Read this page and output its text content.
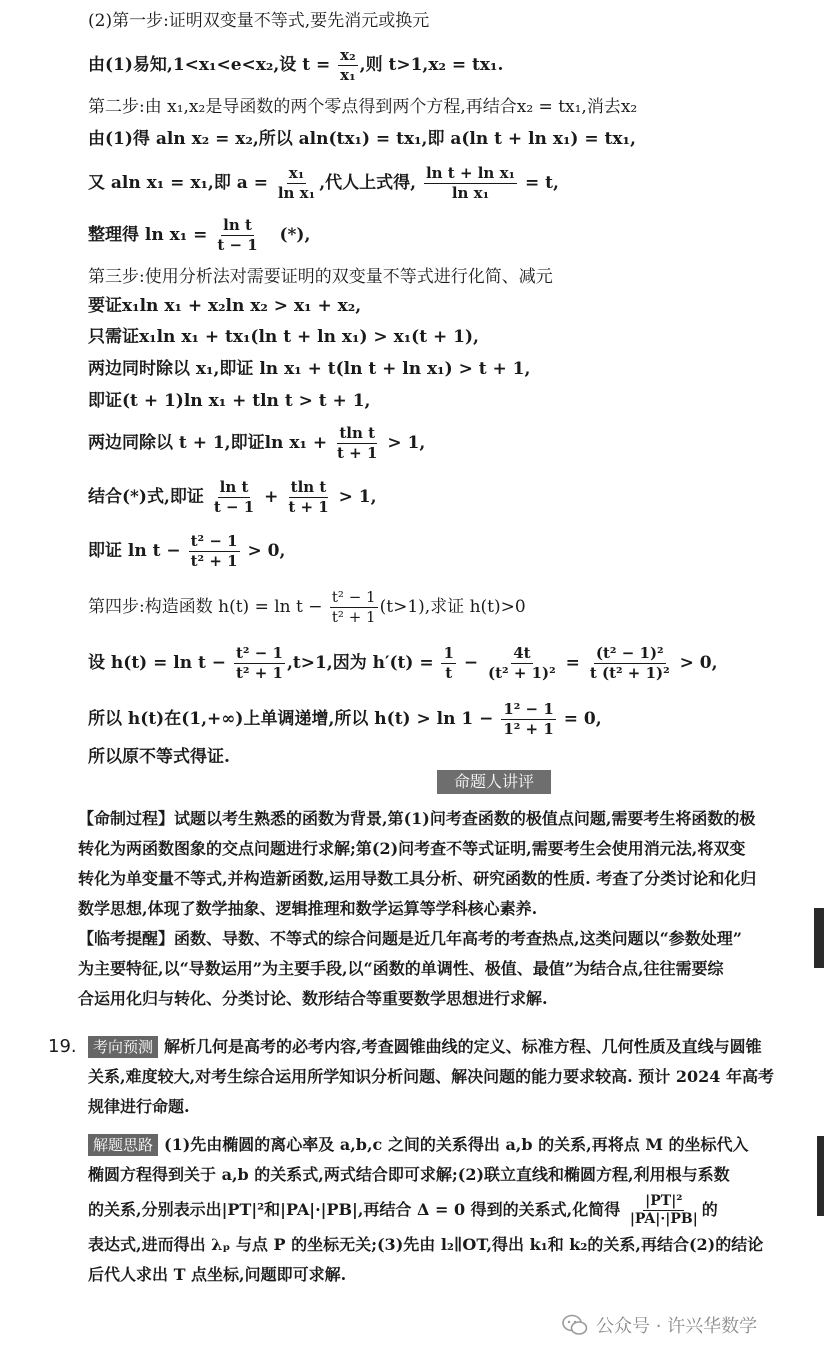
(2)第一步:证明双变量不等式,要先消元或换元
由(1)易知,1<x₁<e<x₂,设 $t = \frac{\text{x₂}}{\text{x₁}}$ ,则 t>1,x₂ = tx₁.
第二步:由 x₁,x₂是导函数的两个零点得到两个方程,再结合x₂ = tx₁,消去x₂
由(1)得 aln x₂ = x₂,所以 aln(tx₁) = tx₁,即 a(ln t + ln x₁) = tx₁,
又 aln x₁ = x₁,即 $a = \frac{\text{x₁}}{\text{ln x₁}}$ ,代人上式得, $\frac{\text{ln t + ln x₁}}{\text{ln x₁}} = t$,
整理得 $\ln x_1 = \frac{\text{ln t}}{t - 1}$ (*),
第三步:使用分析法对需要证明的双变量不等式进行化简、减元
要证x₁ln x₁ + x₂ln x₂ > x₁ + x₂,
只需证x₁ln x₁ + tx₁(ln t + ln x₁) > x₁(t + 1),
两边同时除以 x₁,即证 ln x₁ + t(ln t + ln x₁) > t + 1,
即证(t + 1)ln x₁ + tln t > t + 1,
两边同除以 t + 1,即证$\ln x_1 + \frac{\text{tln t}}{t + 1} > 1$,
结合(*)式,即证 $\frac{\text{ln t}}{t - 1} + \frac{\text{tln t}}{t + 1} > 1$,
即证 $\ln t - \frac{\text{t² − 1}}{\text{t² + 1}} > 0$,
第四步:构造函数 $h(t) = \ln t - \frac{\text{t² − 1}}{\text{t² + 1}} (t>1)$,求证 h(t)>0
设 $h(t) = \ln t - \frac{\text{t² − 1}}{\text{t² + 1}} ,t>1$,因为 $h'(t) = \frac{1}{t} - \frac{4t}{\text{(t² + 1)²}} = \frac{\text{(t² − 1)²}}{\text{t (t² + 1)²}} > 0$,
所以 h(t)在(1,+∞)上单调递增,所以 $h(t) > \ln 1 - \frac{\text{1² − 1}}{\text{1² + 1}} = 0$,
所以原不等式得证.
命题人讲评
【命制过程】试题以考生熟悉的函数为背景,第(1)问考查函数的极值点问题,需要考生将函数的极
转化为两函数图象的交点问题进行求解;第(2)问考查不等式证明,需要考生会使用消元法,将双变
转化为单变量不等式,并构造新函数,运用导数工具分析、研究函数的性质. 考查了分类讨论和化归
数学思想,体现了数学抽象、逻辑推理和数学运算等学科核心素养.
【临考提醒】函数、导数、不等式的综合问题是近几年高考的考查热点,这类问题以“参数处理”
为主要特征,以“导数运用”为主要手段,以“函数的单调性、极值、最值”为结合点,往往需要综
合运用化归与转化、分类讨论、数形结合等重要数学思想进行求解.
19.	考向预测 解析几何是高考的必考内容,考查圆锥曲线的定义、标准方程、几何性质及直线与圆锥
关系,难度较大,对考生综合运用所学知识分析问题、解决问题的能力要求较高. 预计 2024 年高考
规律进行命题.
解题思路 (1)先由椭圆的离心率及 a,b,c 之间的关系得出 a,b 的关系,再将点 M 的坐标代入
椭圆方程得到关于 a,b 的关系式,两式结合即可求解;(2)联立直线和椭圆方程,利用根与系数
的关系,分别表示出|PT|²和|PA|·|PB|,再结合 Δ = 0 得到的关系式,化简得 $\frac{\text{|PT|²}}{|PA|\cdot|PB|}$ 的
表达式,进而得出 λₚ 与点 P 的坐标无关;(3)先由 l₂∥OT,得出 k₁和 k₂的关系,再结合(2)的结论
后代人求出 T 点坐标,问题即可求解.
公众号 · 许兴华数学
